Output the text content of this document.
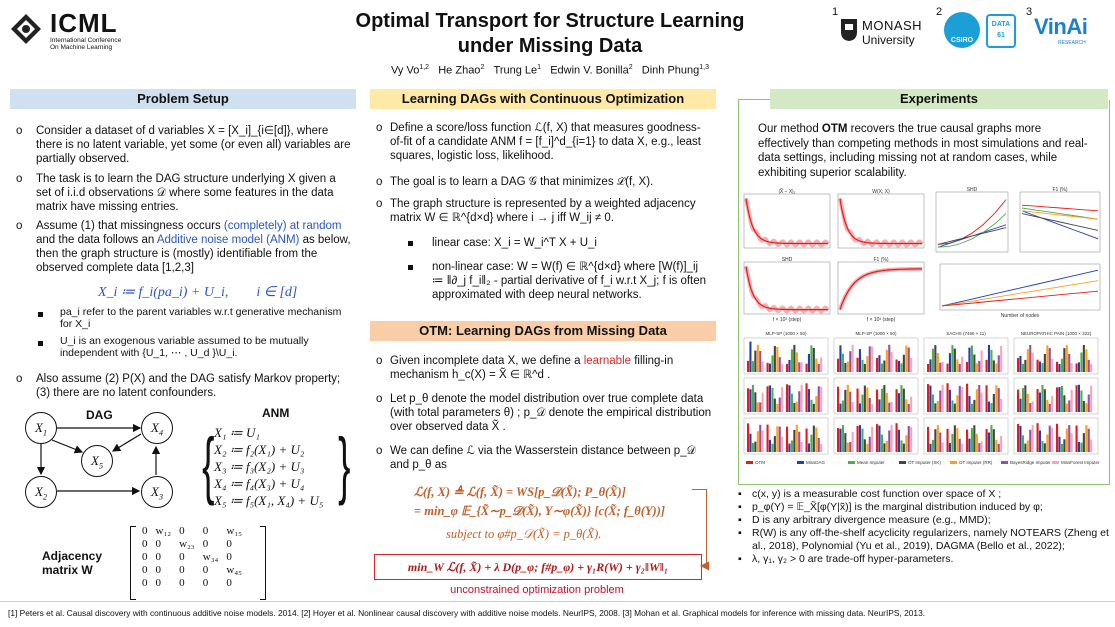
ICML
International Conference
On Machine Learning
Optimal Transport for Structure Learning
under Missing Data
Vy Vo$^{1,2}$ He Zhao$^2$ Trung Le$^1$ Edwin V. Bonilla$^2$ Dinh Phung$^{1,3}$
1
MONASH
University
2
CSIRO
DATA
61
3
VinAi
RESEARCH
Problem Setup
o Consider a dataset of d variables X = [X_i]_{i∈[d]}, where there is no latent variable, yet some (or even all) variables are partially observed.
o The task is to learn the DAG structure underlying X given a set of i.i.d observations 𝒟 where some features in the data matrix have missing entries.
o Assume (1) that missingness occurs (completely) at random and the data follows an Additive noise model (ANM) as below, then the graph structure is (mostly) identifiable from the observed complete data [1,2,3]
X_i ≔ f_i(pa_i) + U_i,        i ∈ [d]
pa_i refer to the parent variables w.r.t generative mechanism for X_i
U_i is an exogenous variable assumed to be mutually independent with {U_1, ⋯ , U_d }\U_i.
o Also assume (2) P(X) and the DAG satisfy Markov property; (3) there are no latent confounders.
DAG
$X_1$	$X_4$
$X_5$
$X_2$	$X_3$
ANM
{ }
X₁ ≔ U₁
X₂ ≔ f₂(X₁) + U₂
X₃ ≔ f₃(X₂) + U₃
X₄ ≔ f₄(X₃) + U₄
X₅ ≔ f₅(X₁, X₄) + U₅
Adjacency
matrix W
0	w₁₂	0	0	w₁₅
0	0	w₂₃	0	0
0	0	0	w₃₄	0
0	0	0	0	w₄₅
0	0	0	0	0
Learning DAGs with Continuous Optimization
o Define a score/loss function ℒ(f, X) that measures goodness-of-fit of a candidate ANM f = [f_i]^d_{i=1} to data X, e.g., least squares, logistic loss, likelihood.
o The goal is to learn a DAG 𝒢 that minimizes ℒ(f, X).
o The graph structure is represented by a weighted adjacency matrix W ∈ ℝ^{d×d} where i → j iff W_ij ≠ 0.
linear case: X_i = W_i^T X + U_i
non-linear case: W = W(f) ∈ ℝ^{d×d} where [W(f)]_ij ≔ ‖∂_j f_i‖₂ - partial derivative of f_i w.r.t X_j; f is often approximated with deep neural networks.
OTM: Learning DAGs from Missing Data
o Given incomplete data X, we define a learnable filling-in mechanism h_c(X) = X̃ ∈ ℝ^d .
o Let p_θ denote the model distribution over true complete data (with total parameters θ) ; p_𝒟 denote the empirical distribution over observed data X̃ .
o We can define ℒ via the Wasserstein distance between p_𝒟 and p_θ as
ℒ(f, X) ≜ ℒ(f, X̃) = WS[p_𝒟(X̃); P_θ(X̃)]
= min_φ 𝔼_{X̃∼p_𝒟(X̃), Y∼φ(X̃)} [c(X̃; f_θ(Y))]
subject to φ#p_𝒟(X̃) = p_θ(X̃).
min_W ℒ(f, X̃) + λ D(p_φ; f#p_φ) + γ₁R(W) + γ₂‖W‖₁	◀
unconstrained optimization problem
Experiments
Our method OTM recovers the true causal graphs more effectively than competing methods in most simulations and real-data settings, including missing not at random cases, while exhibiting superior scalability.
|X̃ − X|₂	W(X; X)	SHD	F1 (%)
SHD
f × 10³ (step)
F1 (%)
f × 10³ (step)
Number of nodes
MLP-SP (1000 × 50)	MLP-SP (1000 × 50)	SACHS (7466 × 11)	NEUROPATHIC PAIN (1000 × 222)
OTM	MissDAG	Mean Imputer	OT Imputer (SK)	OT Imputer (RR)	BayesRidge Imputer MissForest Imputer
▪ c(x, y) is a measurable cost function over space of X ;
▪ p_φ(Y) = 𝔼_X̃[φ(Y|x̃)] is the marginal distribution induced by φ;
▪ D is any arbitrary divergence measure (e.g., MMD);
▪ R(W) is any off-the-shelf acyclicity regularizers, namely NOTEARS (Zheng et al., 2018), Polynomial (Yu et al., 2019), DAGMA (Bello et al., 2022);
▪ λ, γ₁, γ₂ > 0 are trade-off hyper-parameters.
[1] Peters et al. Causal discovery with continuous additive noise models. 2014. [2] Hoyer et al. Nonlinear causal discovery with additive noise models. NeurIPS, 2008. [3] Mohan et al. Graphical models for inference with missing data. NeurIPS, 2013.
